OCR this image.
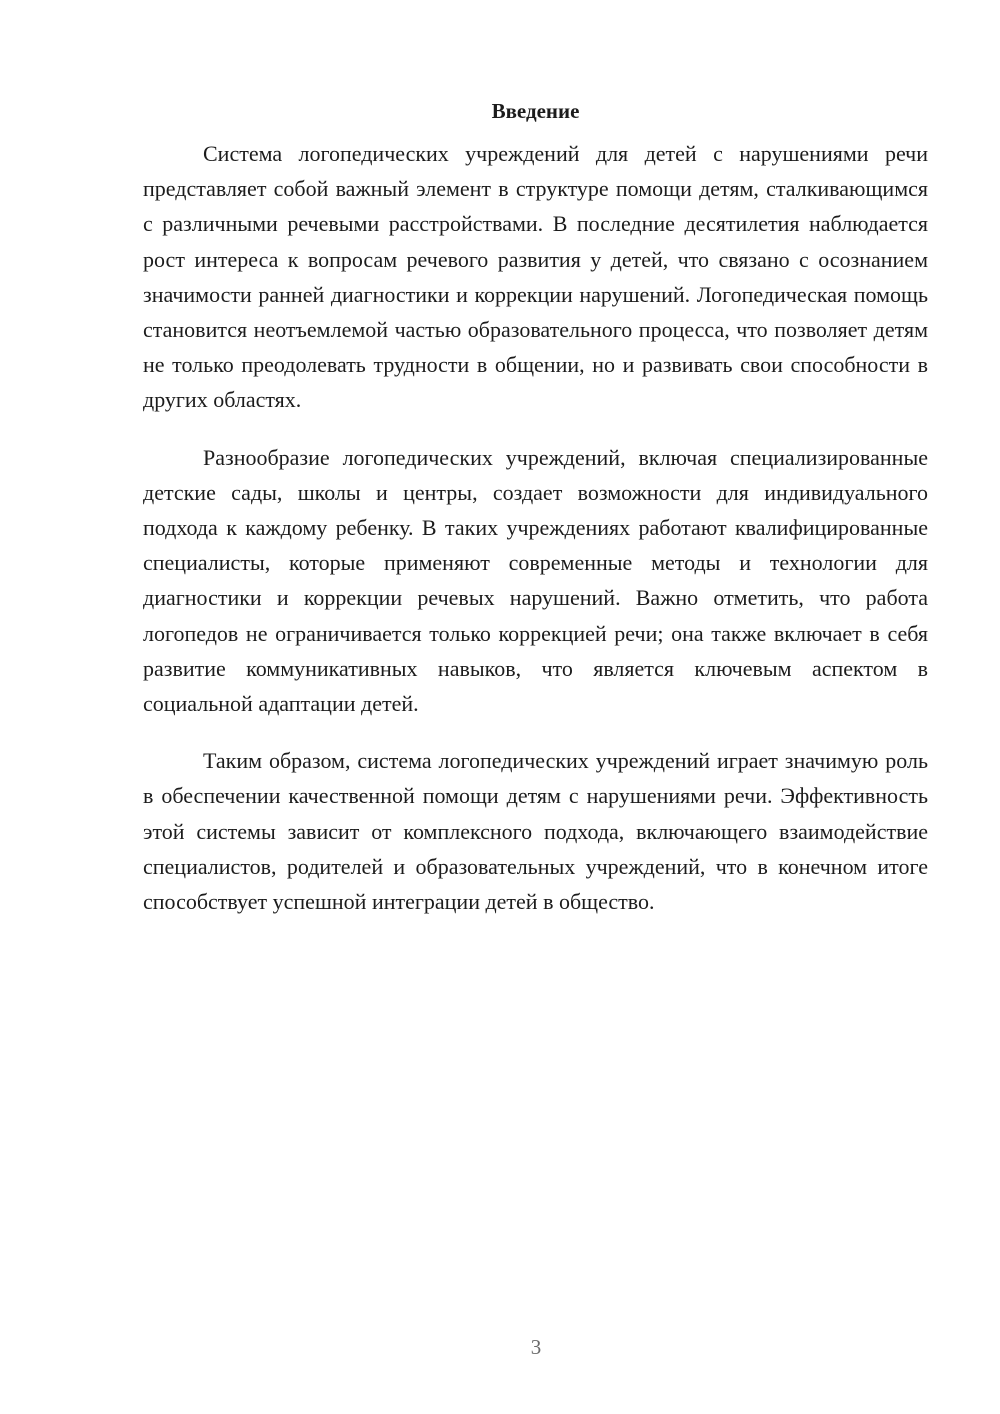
Введение

Система логопедических учреждений для детей с нарушениями речи представляет собой важный элемент в структуре помощи детям, сталкивающимся с различными речевыми расстройствами. В последние десятилетия наблюдается рост интереса к вопросам речевого развития у детей, что связано с осознанием значимости ранней диагностики и коррекции нарушений. Логопедическая помощь становится неотъемлемой частью образовательного процесса, что позволяет детям не только преодолевать трудности в общении, но и развивать свои способности в других областях.

Разнообразие логопедических учреждений, включая специализированные детские сады, школы и центры, создает возможности для индивидуального подхода к каждому ребенку. В таких учреждениях работают квалифицированные специалисты, которые применяют современные методы и технологии для диагностики и коррекции речевых нарушений. Важно отметить, что работа логопедов не ограничивается только коррекцией речи; она также включает в себя развитие коммуникативных навыков, что является ключевым аспектом в социальной адаптации детей.

Таким образом, система логопедических учреждений играет значимую роль в обеспечении качественной помощи детям с нарушениями речи. Эффективность этой системы зависит от комплексного подхода, включающего взаимодействие специалистов, родителей и образовательных учреждений, что в конечном итоге способствует успешной интеграции детей в общество.

3
